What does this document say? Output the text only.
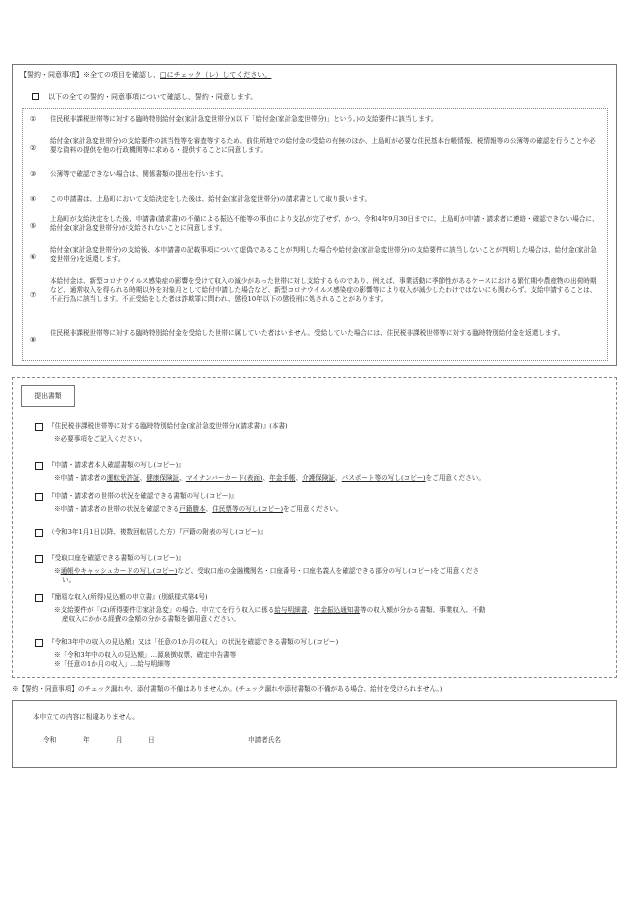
【誓約・同意事項】※全ての項目を確認し、□にチェック（レ）してください。
以下の全ての誓約・同意事項について確認し、誓約・同意します。
①	住民税非課税世帯等に対する臨時特別給付金(家計急変世帯分)(以下「給付金(家計急変世帯分)」という。)の支給要件に該当します。
②
給付金(家計急変世帯分)の支給要件の該当性等を審査等するため、前住所地での給付金の受給の有無のほか、上島町が必要な住民基本台帳情報、税情報等の公簿等の確認を行うことや必要な資料の提供を他の行政機関等に求める・提供することに同意します。
③	公簿等で確認できない場合は、関係書類の提出を行います。
④	この申請書は、上島町において支給決定をした後は、給付金(家計急変世帯分)の請求書として取り扱います。
⑤
上島町が支給決定をした後、申請書(請求書)の不備による振込不能等の事由により支払が完了せず、かつ、令和4年9月30日までに、上島町が申請・請求者に連絡・確認できない場合に、給付金(家計急変世帯分)が支給されないことに同意します。
⑥
給付金(家計急変世帯分)の支給後、本申請書の記載事項について虚偽であることが判明した場合や給付金(家計急変世帯分)の支給要件に該当しないことが判明した場合は、給付金(家計急変世帯分)を返還します。
⑦
本給付金は、新型コロナウイルス感染症の影響を受けて収入の減少があった世帯に対し支給するものであり、例えば、事業活動に季節性があるケースにおける繁忙期や農産物の出荷時期など、通常収入を得られる時期以外を対象月として給付申請した場合など、新型コロナウイルス感染症の影響等により収入が減少したわけではないにも関わらず、支給申請することは、不正行為に該当します。不正受給をした者は詐欺罪に問われ、懲役10年以下の懲役刑に処されることがあります。
⑧
住民税非課税世帯等に対する臨時特別給付金を受給した世帯に属していた者はいません。受給していた場合には、住民税非課税世帯等に対する臨時特別給付金を返還します。
提出書類
『住民税非課税世帯等に対する臨時特別給付金(家計急変世帯分)(請求書)』(本書)
※必要事項をご記入ください。
『申請・請求者本人確認書類の写し(コピー)』
※申請・請求者の運転免許証、健康保険証、マイナンバーカード(表面)、年金手帳、介護保険証、パスポート等の写し(コピー)をご用意ください。
『申請・請求者の世帯の状況を確認できる書類の写し(コピー)』
※申請・請求者の世帯の状況を確認できる戸籍謄本、住民票等の写し(コピー)をご用意ください。
（令和3年1月1日以降、複数回転居した方）『戸籍の附表の写し(コピー)』
『受取口座を確認できる書類の写し(コピー)』
※通帳やキャッシュカードの写し(コピー)など、受取口座の金融機関名・口座番号・口座名義人を確認できる部分の写し(コピー)をご用意くださ
い。
『簡易な収入(所得)見込額の申立書』(別紙様式第4号)
※支給要件が「(2)所得要件②家計急変」の場合、申立てを行う収入に係る給与明細書、年金振込通知書等の収入額が分かる書類、事業収入、不動
産収入にかかる経費の金額の分かる書類を御用意ください。
『令和3年中の収入の見込額』又は「任意の1か月の収入」の状況を確認できる書類の写し(コピー)
※「令和3年中の収入の見込額」…源泉徴収票、確定申告書等
※「任意の1か月の収入」…給与明細等
※【誓約・同意事項】のチェック漏れや、添付書類の不備はありませんか。(チェック漏れや添付書類の不備がある場合、給付を受けられません。)
本申立ての内容に相違ありません。
令和	年	月	日	申請者氏名
